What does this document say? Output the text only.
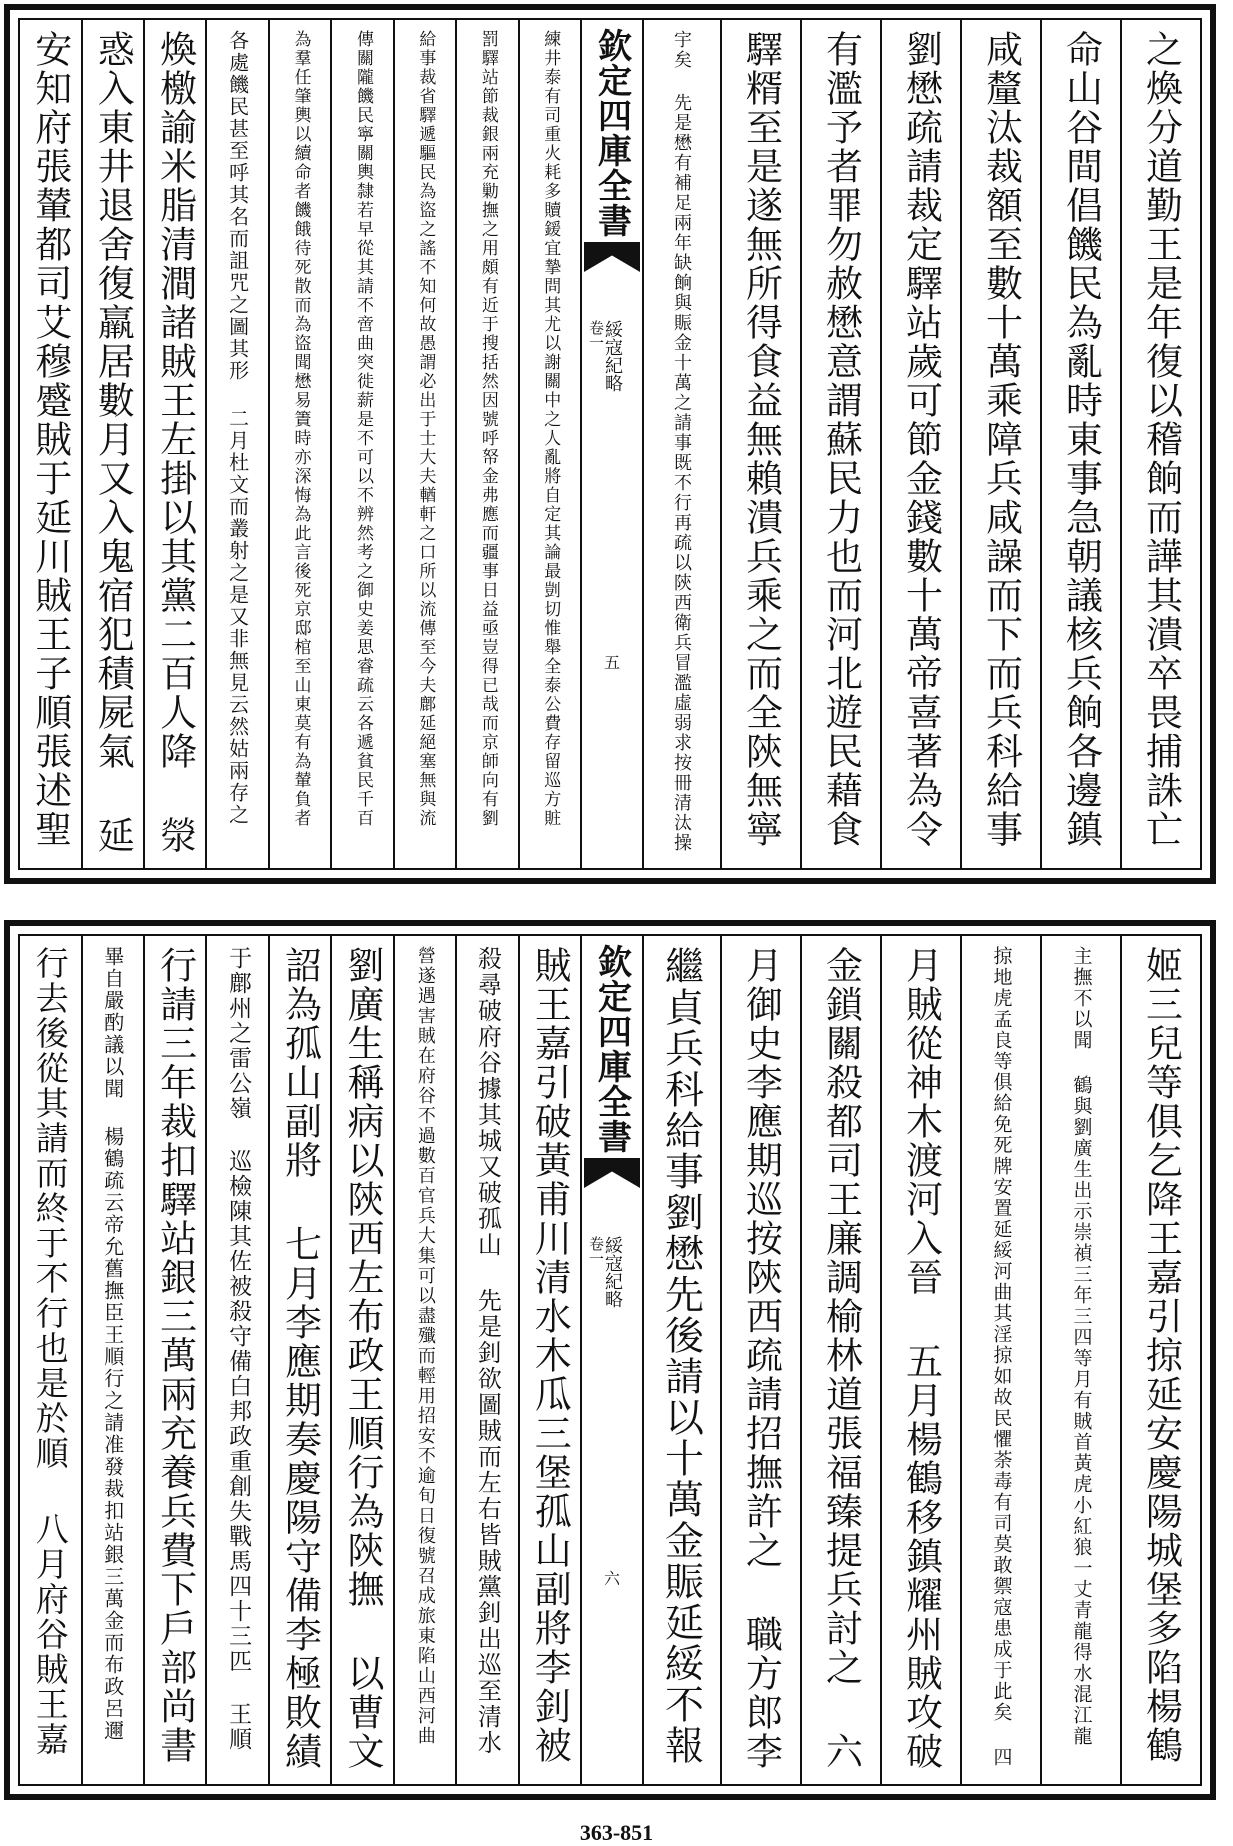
之煥分道勤王是年復以稽餉而譁其潰卒畏捕誅亡
命山谷間倡饑民為亂時東事急朝議核兵餉各邊鎮
咸釐汰裁額至數十萬乘障兵咸譟而下而兵科給事
劉懋疏請裁定驛站歲可節金錢數十萬帝喜著為令
有濫予者罪勿赦懋意謂蘇民力也而河北遊民藉食
驛糈至是遂無所得食益無賴潰兵乘之而全陝無寧
宇矣 先是懋有補足兩年缺餉與賑金十萬之請事既不行再疏以陝西衛兵冒濫虛弱求按冊清汰操
欽定四庫全書
綏寇紀略
卷一
五
練井泰有司重火耗多贖鍰宜摯問其尤以謝關中之人亂將自定其論最剴切惟舉全泰公費存留巡方賍
罰驛站節裁銀兩充勦撫之用頗有近于搜括然因號呼帑金弗應而疆事日益亟豈得已哉而京師向有劉
給事裁省驛遞驅民為盜之謠不知何故愚謂必出于士大夫輶軒之口所以流傳至今夫鄜延絕塞無與流
傳關隴饑民寧關輿隸若早從其請不啻曲突徙薪是不可以不辨然考之御史姜思睿疏云各遞貧民千百
為羣任肇輿以續命者饑餓待死散而為盜聞懋易簀時亦深悔為此言後死京邸棺至山東莫有為輦負者
各處饑民甚至呼其名而詛咒之圖其形 二月杜文而叢射之是又非無見云然姑兩存之
煥檄諭米脂清澗諸賊王左掛以其黨二百人降 滎
惑入東井退舍復羸居數月又入鬼宿犯積屍氣 延
安知府張輦都司艾穆蹙賊于延川賊王子順張述聖
姬三兒等俱乞降王嘉引掠延安慶陽城堡多陷楊鶴
主撫不以聞 鶴與劉廣生出示崇禎三年三四等月有賊首黃虎小紅狼一丈青龍得水混江龍
掠地虎孟良等俱給免死牌安置延綏河曲其淫掠如故民懼荼毒有司莫敢禦寇患成于此矣 四
月賊從神木渡河入晉 五月楊鶴移鎮耀州賊攻破
金鎖關殺都司王廉調榆林道張福臻提兵討之 六
月御史李應期巡按陝西疏請招撫許之 職方郎李
繼貞兵科給事劉懋先後請以十萬金賑延綏不報
欽定四庫全書
綏寇紀略
卷一
六
賊王嘉引破黃甫川清水木瓜三堡孤山副將李釗被
殺尋破府谷據其城又破孤山 先是釗欲圖賊而左右皆賊黨釗出巡至清水
營遂遇害賊在府谷不過數百官兵大集可以盡殲而輕用招安不逾旬日復號召成旅東陷山西河曲
劉廣生稱病以陝西左布政王順行為陝撫 以曹文
詔為孤山副將 七月李應期奏慶陽守備李極敗績
于鄜州之雷公嶺 巡檢陳其佐被殺守備白邦政重創失戰馬四十三匹 王順
行請三年裁扣驛站銀三萬兩充養兵費下戶部尚書
畢自嚴酌議以聞 楊鶴疏云帝允舊撫臣王順行之請准發裁扣站銀三萬金而布政呂邇
行去後從其請而終于不行也是於順 八月府谷賊王嘉
363-851
